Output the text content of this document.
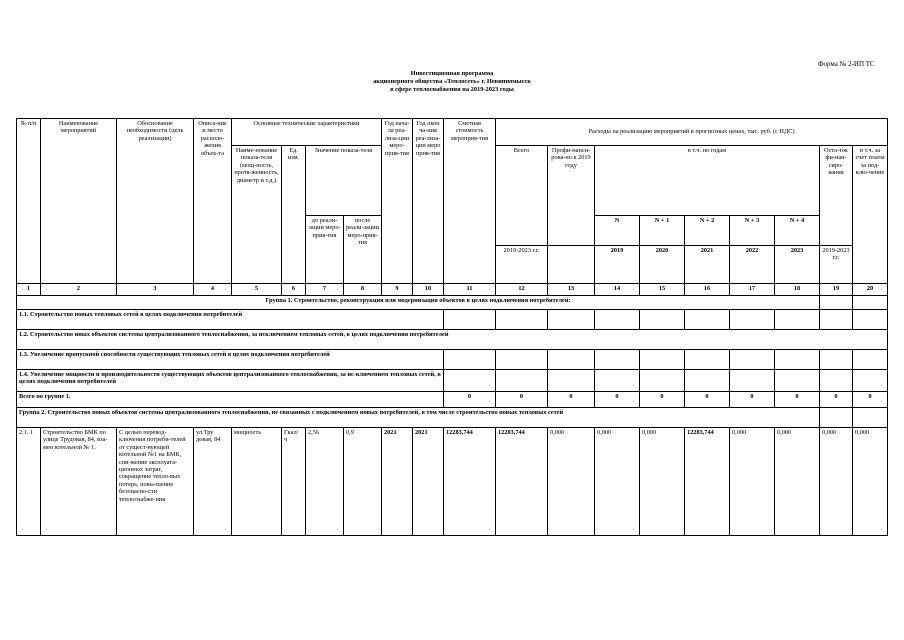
Форма № 2-ИП ТС
Инвестиционная программа
акционерного общества «Теплосеть» г. Невинномысск
в сфере теплоснабжения на 2019-2023 годы
№ п/п	Наименование мероприятий	Обоснование необходимости (цель реализации)	Описа-ние и место располо-жения объек-та	Основные технические характеристики				Год нача-ла реа-лиза-ции меро-прия-тия	Год окон ча-ния реа-лиза-ции меро прия-тия	Сметная стоимость мероприя-тия	Расходы на реализацию мероприятий в прогнозных ценах, тыс. руб. (с НДС)								
				Наиме-нование показа-теля (мощ-ность, протя-женность, диаметр и т.д.)	Ед. изм.	Значение показа-теля					Всего	Профи-нанси-рова-но к 2019 году	в т.ч. по годам					Оста-ток фи-нан-сиро-вания	в т.ч. за счет платы за под-клю-чение
						до реали-зации меро-прия-тия	после реали-зации меро-прия-тия						N	N + 1	N + 2	N + 3	N + 4		
											2019-2023 г.г.		2019	2020	2021	2022	2023	2019-2023 г.г.	
1	2	3	4	5	6	7	8	9	10	11	12	13	14	15	16	17	18	19	20
Группа 1. Строительство, реконструкция или модернизация объектов в целях подключения потребителей:																			
1.1. Строительство новых тепловых сетей в целях подключения потребителей																			
1.2. Строительство иных объектов системы централизованного теплоснабжения, за исключением тепловых сетей, в целях подключения потребителей																			
1.3. Увеличение пропускной способности существующих тепловых сетей в целях подключения потребителей																			
1.4. Увеличение мощности и производительности существующих объектов централизованного теплоснабжения, за ис-ключением тепловых сетей, в целях подключения потребителей																			
Всего по группе 1.										0	0	0	0	0	0	0	0	0	0
Группа 2. Строительство новых объектов системы централизованного теплоснабжения, не связанных с подключением новых потребителей, в том числе строительство новых тепловых сетей																			
2.1. 1	Строительство БМК по улице Трудовая, 84, вза-мен котельной № 1.	С целью перевод-ключения потреби-телей от сущест-вующей котельной №1 на БМК, сни-жение эксплуата-ционных затрат, сокращение тепло-вых потерь, повы-шение безопасно-сти теплоснабже-ния	ул.Тру довая, 84	мощность	Гкал/ ч	2,56	0,9	2021	2021	12283,744	12283,744	0,000	0,000	0,000	12283,744	0,000	0,000	0,000	0,000
